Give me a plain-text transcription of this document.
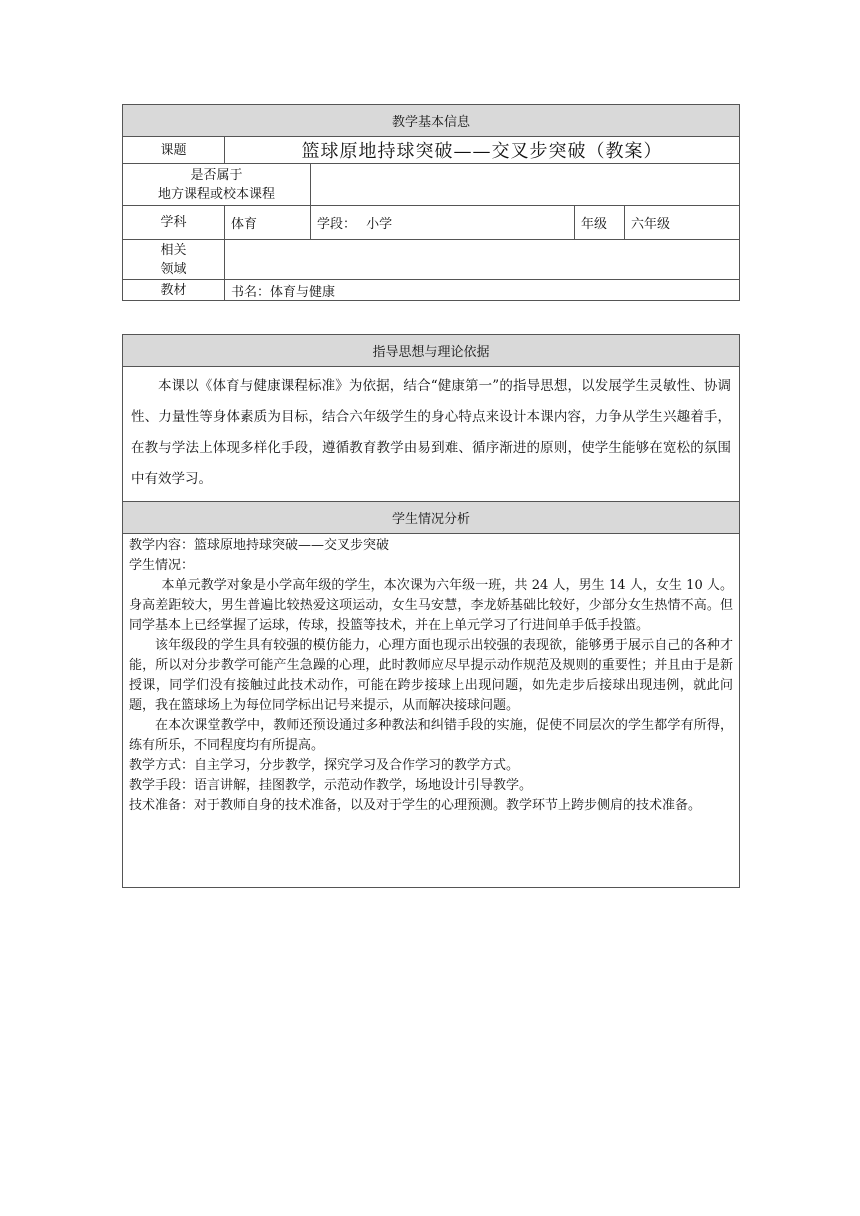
教学基本信息				
课题	篮球原地持球突破——交叉步突破（教案）			

是否属于
地方课程或校本课程				

学科	体育	学段： 小学	年级	六年级

相关
领域				

教材	书名：体育与健康			
指导思想与理论依据

本课以《体育与健康课程标准》为依据，结合“健康第一”的指导思想，以发展学生灵敏性、协调性、力量性等身体素质为目标，结合六年级学生的身心特点来设计本课内容，力争从学生兴趣着手，在教与学法上体现多样化手段，遵循教育教学由易到难、循序渐进的原则，使学生能够在宽松的氛围中有效学习。

学生情况分析

教学内容：篮球原地持球突破——交叉步突破

学生情况：

本单元教学对象是小学高年级的学生，本次课为六年级一班，共 24 人，男生 14 人，女生 10 人。身高差距较大，男生普遍比较热爱这项运动，女生马安慧，李龙娇基础比较好，少部分女生热情不高。但同学基本上已经掌握了运球，传球，投篮等技术，并在上单元学习了行进间单手低手投篮。

该年级段的学生具有较强的模仿能力，心理方面也现示出较强的表现欲，能够勇于展示自己的各种才能，所以对分步教学可能产生急躁的心理，此时教师应尽早提示动作规范及规则的重要性；并且由于是新授课，同学们没有接触过此技术动作，可能在跨步接球上出现问题，如先走步后接球出现违例，就此问题，我在篮球场上为每位同学标出记号来提示，从而解决接球问题。

在本次课堂教学中，教师还预设通过多种教法和纠错手段的实施，促使不同层次的学生都学有所得，练有所乐，不同程度均有所提高。

教学方式：自主学习，分步教学，探究学习及合作学习的教学方式。

教学手段：语言讲解，挂图教学，示范动作教学，场地设计引导教学。

技术准备：对于教师自身的技术准备，以及对于学生的心理预测。教学环节上跨步侧肩的技术准备。
